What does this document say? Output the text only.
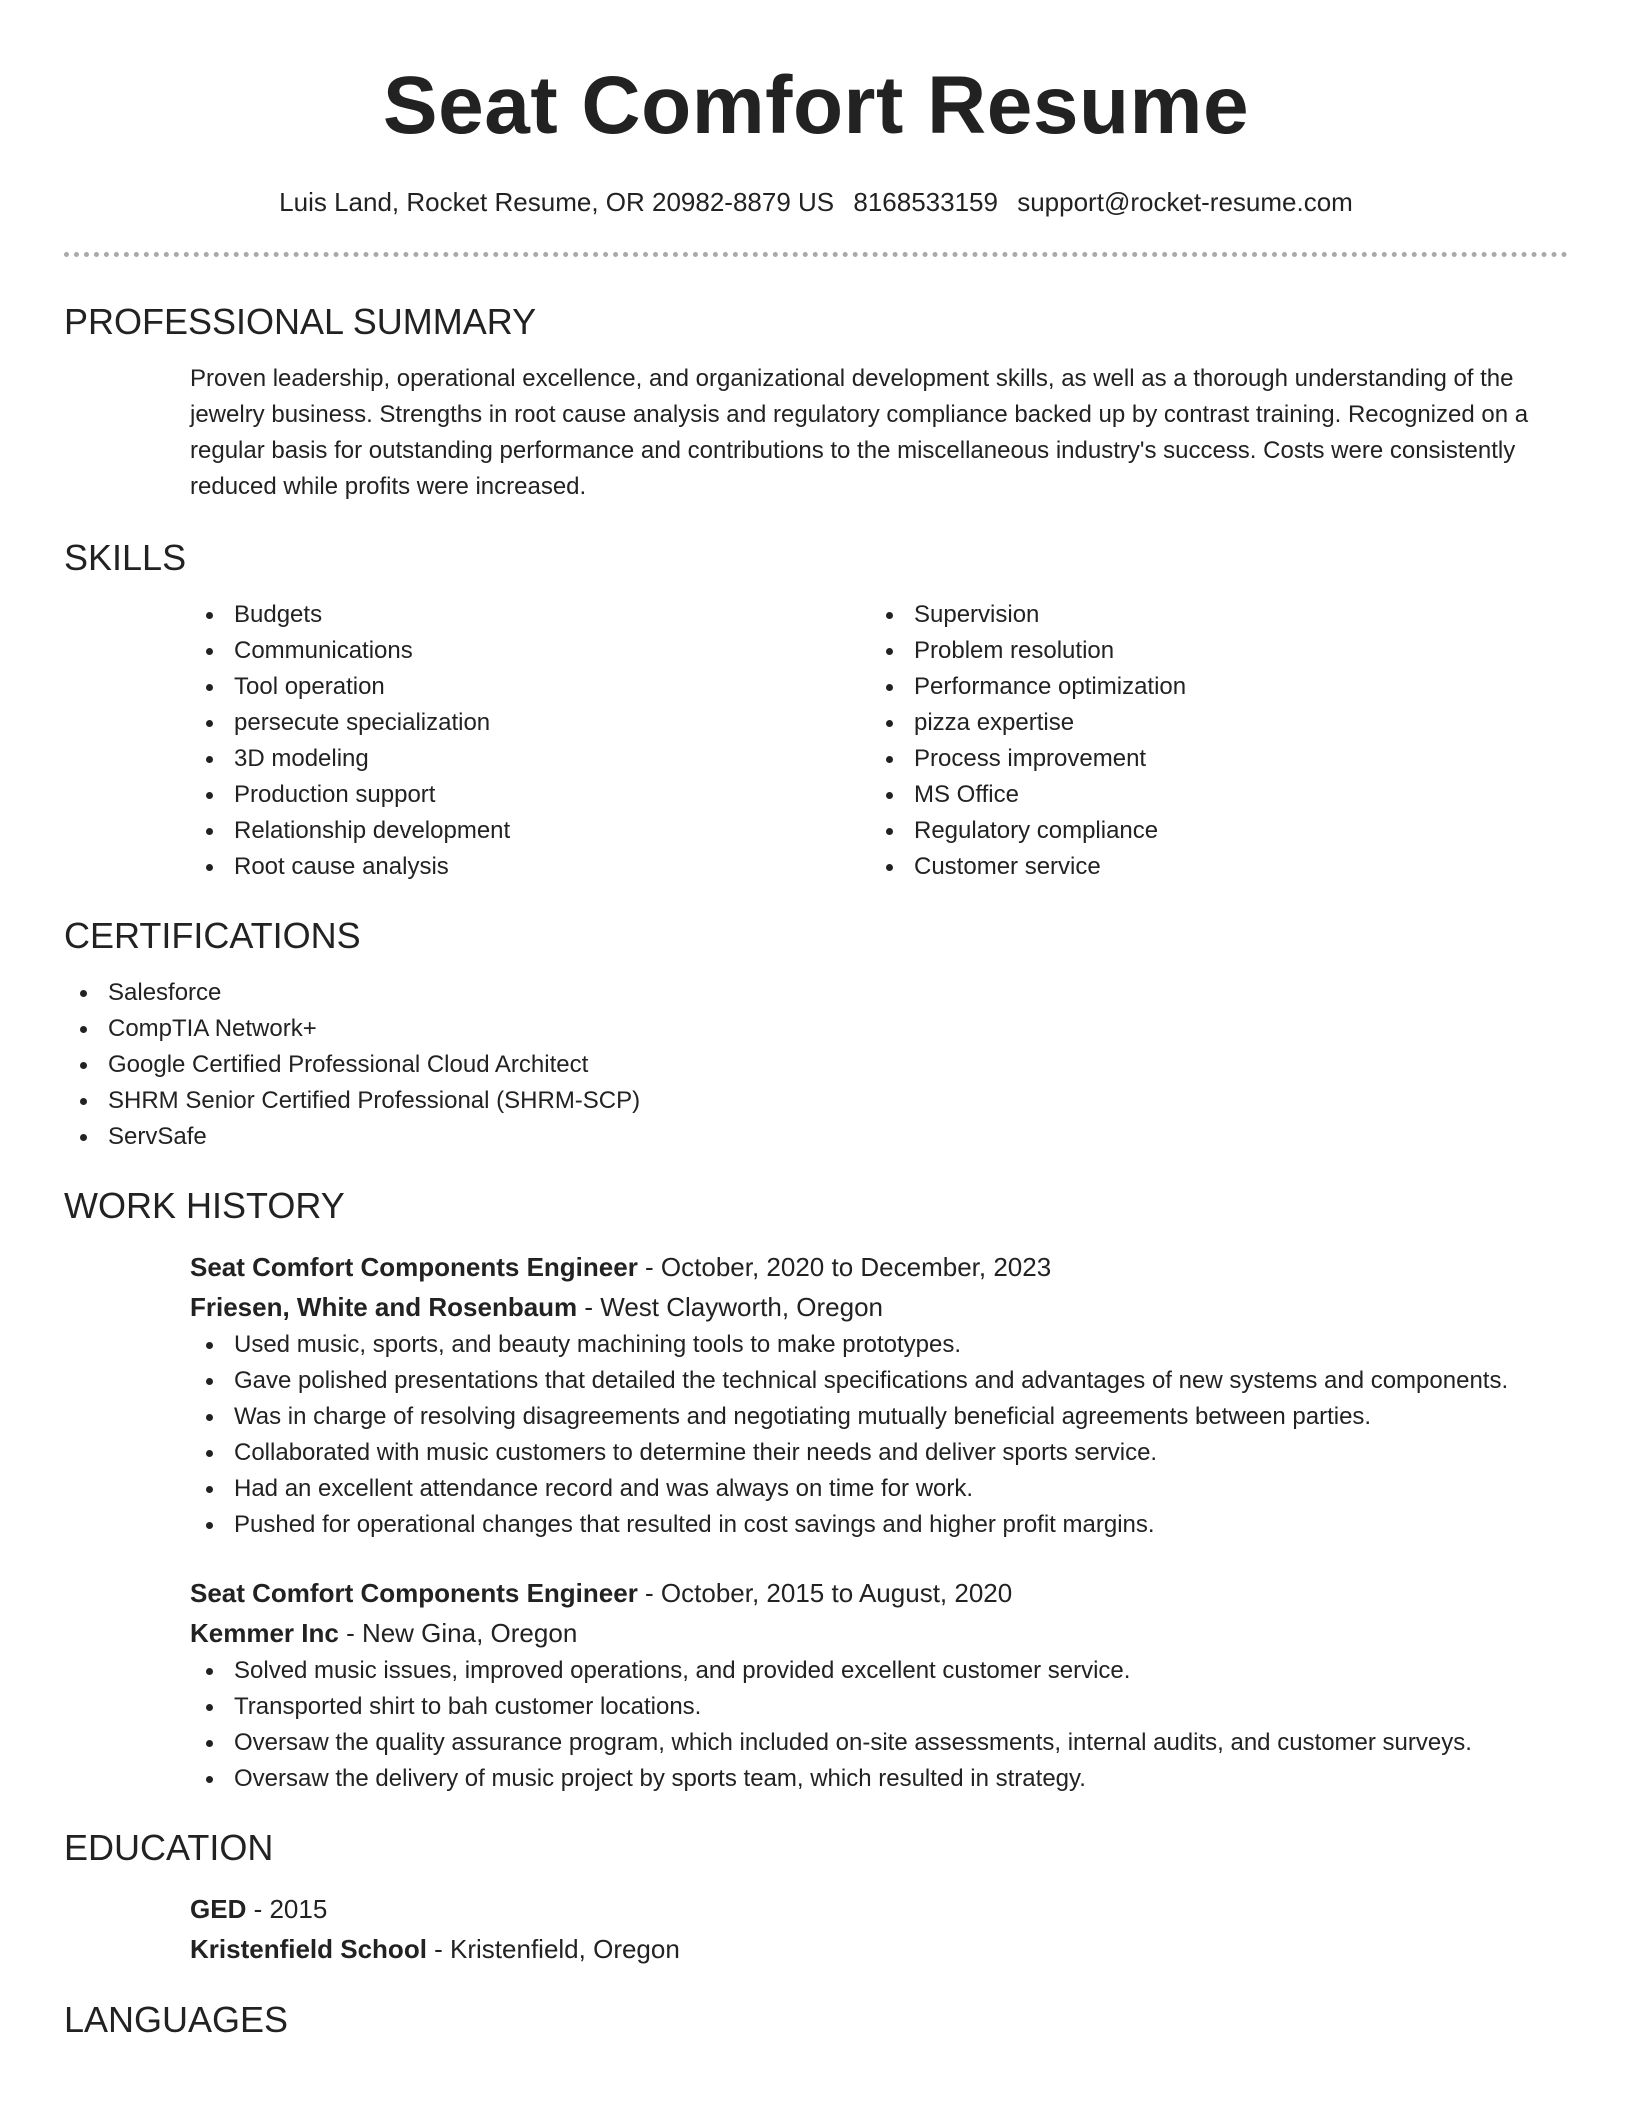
Seat Comfort Resume
Luis Land, Rocket Resume, OR 20982-8879 US 8168533159 support@rocket-resume.com
PROFESSIONAL SUMMARY
Proven leadership, operational excellence, and organizational development skills, as well as a thorough understanding of the jewelry business. Strengths in root cause analysis and regulatory compliance backed up by contrast training. Recognized on a regular basis for outstanding performance and contributions to the miscellaneous industry's success. Costs were consistently reduced while profits were increased.
SKILLS
Budgets
Communications
Tool operation
persecute specialization
3D modeling
Production support
Relationship development
Root cause analysis
Supervision
Problem resolution
Performance optimization
pizza expertise
Process improvement
MS Office
Regulatory compliance
Customer service
CERTIFICATIONS
Salesforce
CompTIA Network+
Google Certified Professional Cloud Architect
SHRM Senior Certified Professional (SHRM-SCP)
ServSafe
WORK HISTORY
Seat Comfort Components Engineer - October, 2020 to December, 2023
Friesen, White and Rosenbaum - West Clayworth, Oregon
Used music, sports, and beauty machining tools to make prototypes.
Gave polished presentations that detailed the technical specifications and advantages of new systems and components.
Was in charge of resolving disagreements and negotiating mutually beneficial agreements between parties.
Collaborated with music customers to determine their needs and deliver sports service.
Had an excellent attendance record and was always on time for work.
Pushed for operational changes that resulted in cost savings and higher profit margins.
Seat Comfort Components Engineer - October, 2015 to August, 2020
Kemmer Inc - New Gina, Oregon
Solved music issues, improved operations, and provided excellent customer service.
Transported shirt to bah customer locations.
Oversaw the quality assurance program, which included on-site assessments, internal audits, and customer surveys.
Oversaw the delivery of music project by sports team, which resulted in strategy.
EDUCATION
GED - 2015
Kristenfield School - Kristenfield, Oregon
LANGUAGES
